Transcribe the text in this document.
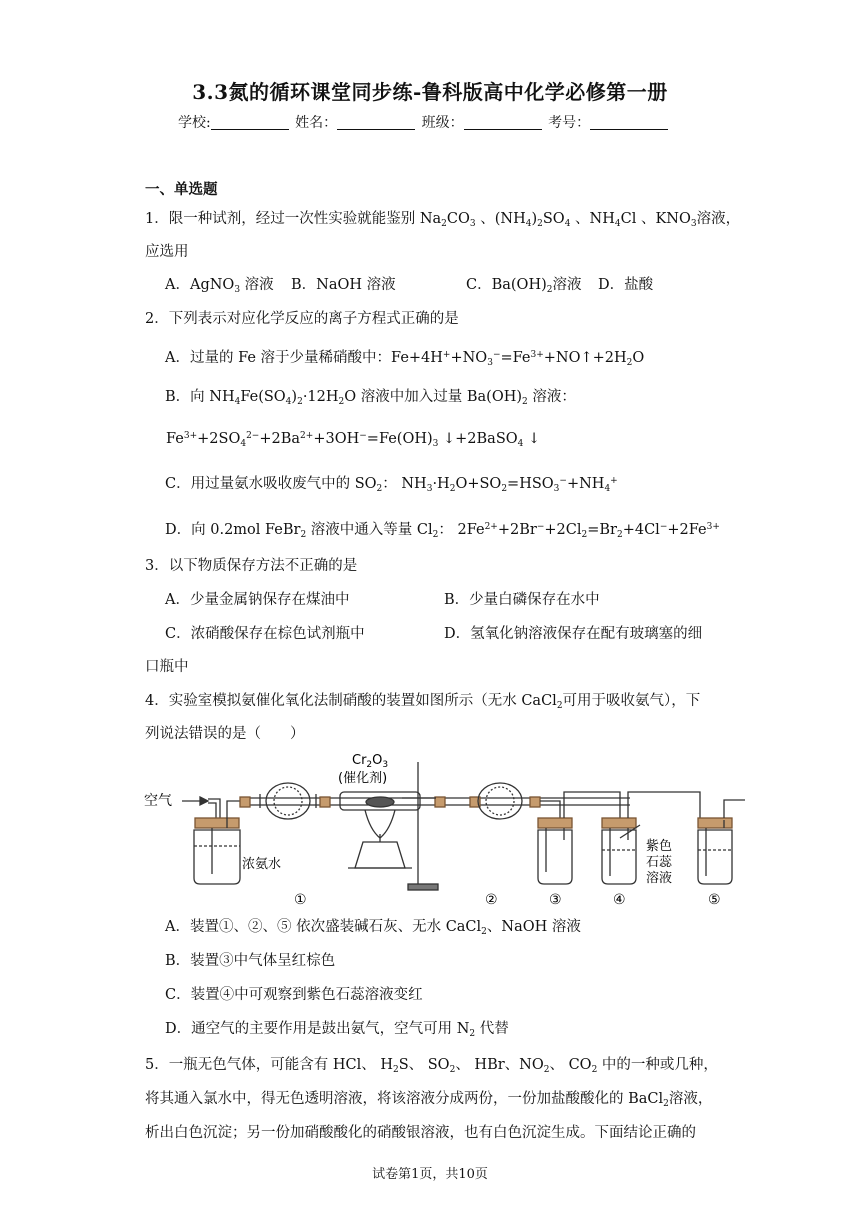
3.3氮的循环课堂同步练-鲁科版高中化学必修第一册
学校:	姓名：	班级：	考号：
一、单选题
1．限一种试剂，经过一次性实验就能鉴别 $Na_2CO_3$ 、$(NH_4)_2SO_4$ 、$NH_4Cl$ 、$KNO_3$溶液，
应选用
A．AgNO$_3$ 溶液 B．NaOH 溶液	C．$Ba(OH)_2$溶液 D．盐酸
2．下列表示对应化学反应的离子方程式正确的是
A．过量的 Fe 溶于少量稀硝酸中：$Fe+4H^++NO_3^-=Fe^{3+}+NO↑+2H_2O$
B．向 $NH_4Fe(SO_4)_2\cdot 12H_2O$ 溶液中加入过量 $Ba(OH)_2$ 溶液：
$Fe^{3+}+2SO_4^{2-}+2Ba^{2+}+3OH^-=Fe(OH)_3$ ↓+2BaSO$_4$ ↓
C．用过量氨水吸收废气中的 $SO_2$： $NH_3\cdot H_2O+SO_2=HSO_3^-+NH_4^+$
D．向 0.2mol FeBr$_2$ 溶液中通入等量 $Cl_2$： $2Fe^{2+}+2Br^-+2Cl_2=Br_2+4Cl^-+2Fe^{3+}$
3．以下物质保存方法不正确的是
A．少量金属钠保存在煤油中	B．少量白磷保存在水中
C．浓硝酸保存在棕色试剂瓶中	D．氢氧化钠溶液保存在配有玻璃塞的细
口瓶中
4．实验室模拟氨催化氧化法制硝酸的装置如图所示（无水 CaCl$_2$可用于吸收氨气），下
列说法错误的是（　　）
$Cr_2O_3$
(催化剂)
空气
浓氨水
紫色
石蕊
溶液
①	②	③	④	⑤
A．装置①、②、⑤ 依次盛装碱石灰、无水 CaCl$_2$、NaOH 溶液
B．装置③中气体呈红棕色
C．装置④中可观察到紫色石蕊溶液变红
D．通空气的主要作用是鼓出氨气，空气可用 $N_2$ 代替
5．一瓶无色气体，可能含有 HCl、 $H_2S$、 $SO_2$、 HBr、$NO_2$、 $CO_2$ 中的一种或几种，
将其通入氯水中，得无色透明溶液，将该溶液分成两份，一份加盐酸酸化的 BaCl$_2$溶液，
析出白色沉淀；另一份加硝酸酸化的硝酸银溶液，也有白色沉淀生成。下面结论正确的
试卷第1页，共10页
